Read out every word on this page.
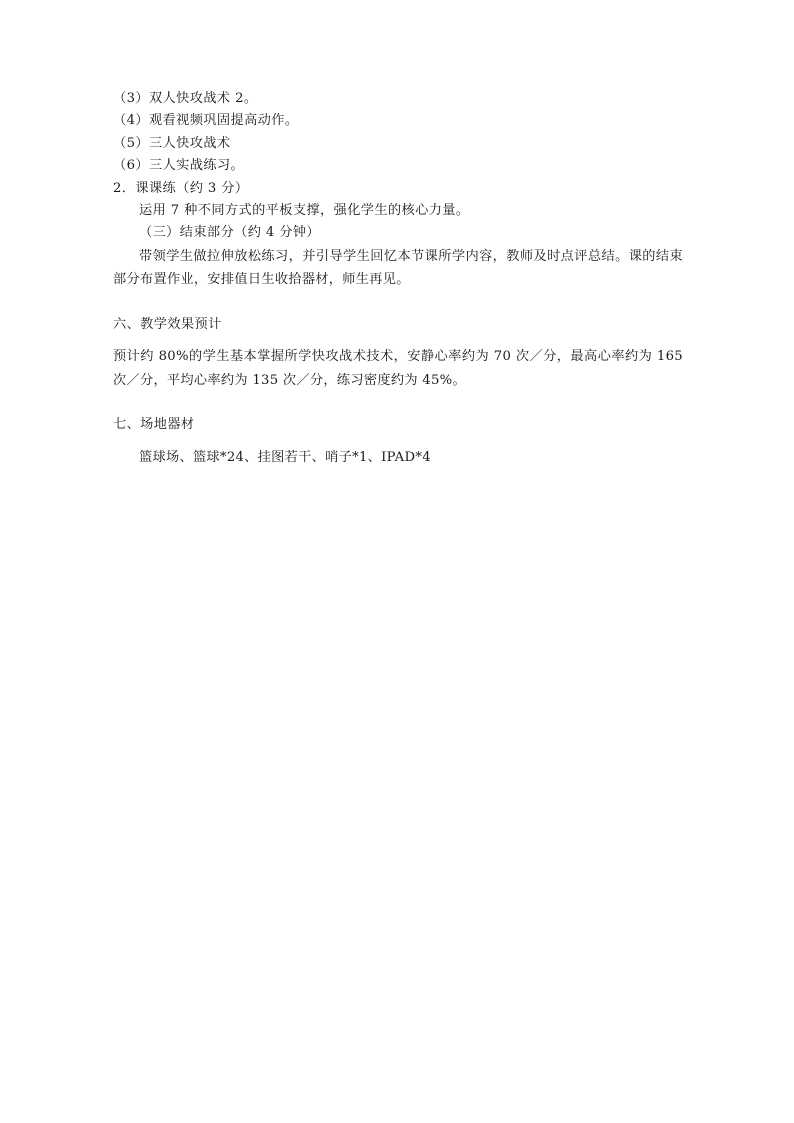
（3）双人快攻战术 2。

（4）观看视频巩固提高动作。

（5）三人快攻战术

（6）三人实战练习。

2．课课练（约 3 分）

运用 7 种不同方式的平板支撑，强化学生的核心力量。

（三）结束部分（约 4 分钟）

带领学生做拉伸放松练习，并引导学生回忆本节课所学内容，教师及时点评总结。课的结束部分布置作业，安排值日生收拾器材，师生再见。

六、教学效果预计

预计约 80%的学生基本掌握所学快攻战术技术，安静心率约为 70 次／分，最高心率约为 165 次／分，平均心率约为 135 次／分，练习密度约为 45%。

七、场地器材

篮球场、篮球*24、挂图若干、哨子*1、IPAD*4
